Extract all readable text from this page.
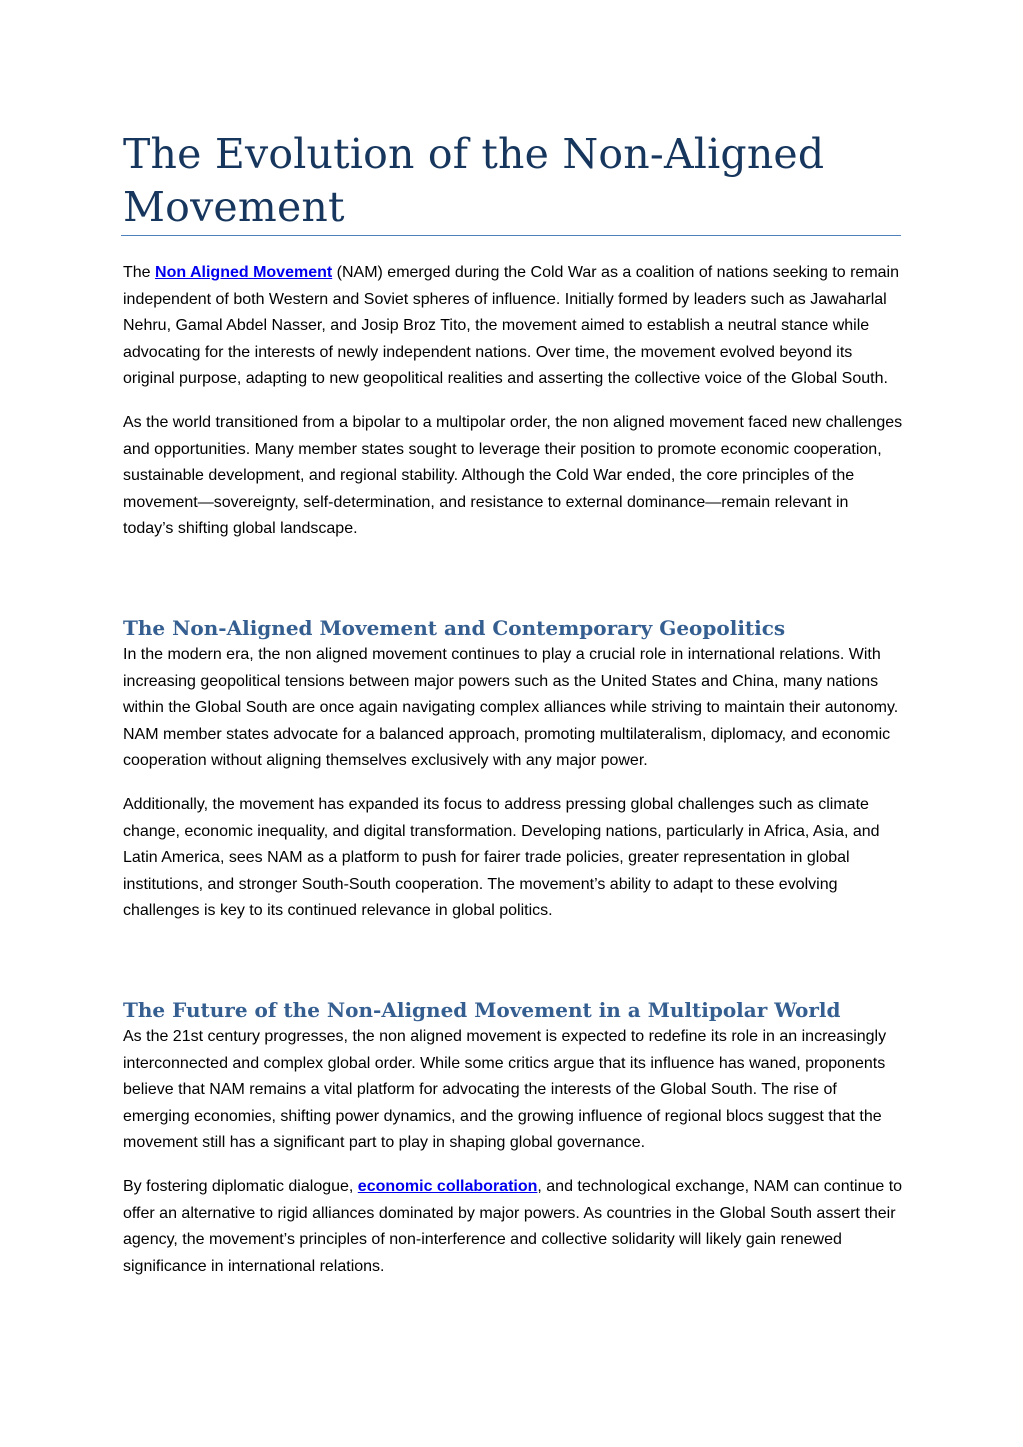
The Evolution of the Non-Aligned Movement

The Non Aligned Movement (NAM) emerged during the Cold War as a coalition of nations seeking to remain independent of both Western and Soviet spheres of influence. Initially formed by leaders such as Jawaharlal Nehru, Gamal Abdel Nasser, and Josip Broz Tito, the movement aimed to establish a neutral stance while advocating for the interests of newly independent nations. Over time, the movement evolved beyond its original purpose, adapting to new geopolitical realities and asserting the collective voice of the Global South.

As the world transitioned from a bipolar to a multipolar order, the non aligned movement faced new challenges and opportunities. Many member states sought to leverage their position to promote economic cooperation, sustainable development, and regional stability. Although the Cold War ended, the core principles of the movement—sovereignty, self-determination, and resistance to external dominance—remain relevant in today’s shifting global landscape.

The Non-Aligned Movement and Contemporary Geopolitics

In the modern era, the non aligned movement continues to play a crucial role in international relations. With increasing geopolitical tensions between major powers such as the United States and China, many nations within the Global South are once again navigating complex alliances while striving to maintain their autonomy. NAM member states advocate for a balanced approach, promoting multilateralism, diplomacy, and economic cooperation without aligning themselves exclusively with any major power.

Additionally, the movement has expanded its focus to address pressing global challenges such as climate change, economic inequality, and digital transformation. Developing nations, particularly in Africa, Asia, and Latin America, sees NAM as a platform to push for fairer trade policies, greater representation in global institutions, and stronger South-South cooperation. The movement’s ability to adapt to these evolving challenges is key to its continued relevance in global politics.

The Future of the Non-Aligned Movement in a Multipolar World

As the 21st century progresses, the non aligned movement is expected to redefine its role in an increasingly interconnected and complex global order. While some critics argue that its influence has waned, proponents believe that NAM remains a vital platform for advocating the interests of the Global South. The rise of emerging economies, shifting power dynamics, and the growing influence of regional blocs suggest that the movement still has a significant part to play in shaping global governance.

By fostering diplomatic dialogue, economic collaboration, and technological exchange, NAM can continue to offer an alternative to rigid alliances dominated by major powers. As countries in the Global South assert their agency, the movement’s principles of non-interference and collective solidarity will likely gain renewed significance in international relations.
